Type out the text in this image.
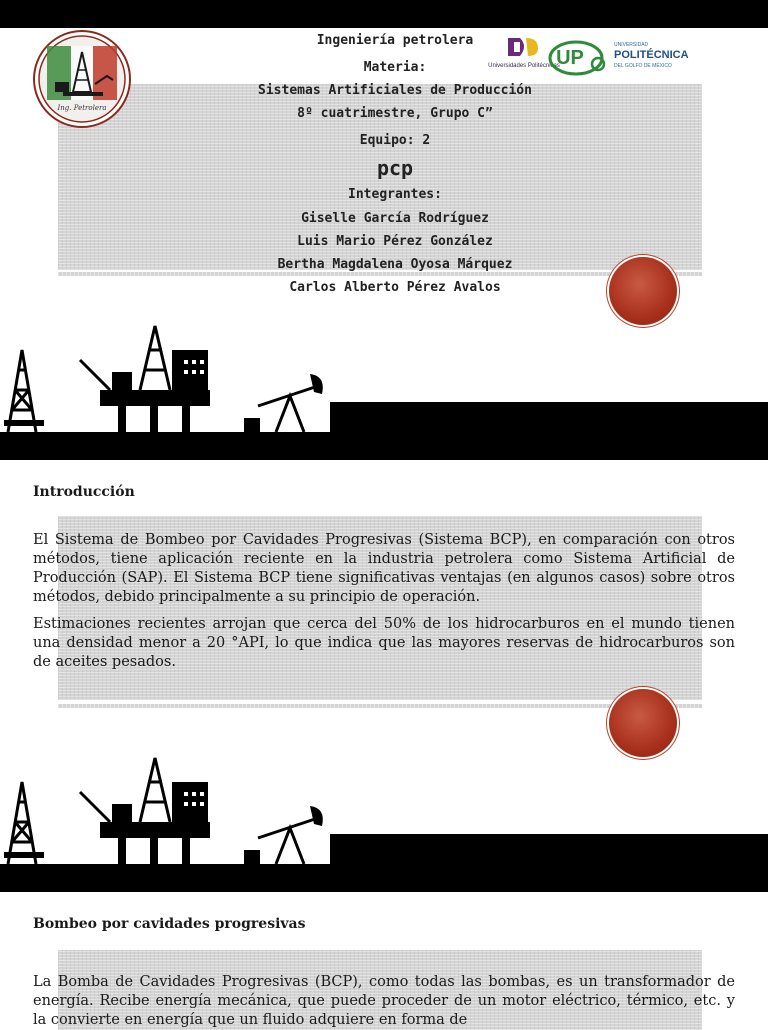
Ing. Petrolera
Universidades Politécnicas
UP
UNIVERSIDAD
POLITÉCNICA
DEL GOLFO DE MÉXICO
Ingeniería petrolera
Materia:
Sistemas Artificiales de Producción
8º cuatrimestre, Grupo C”
Equipo: 2
pcp
Integrantes:
Giselle García Rodríguez
Luis Mario Pérez González
Bertha Magdalena Oyosa Márquez
Carlos Alberto Pérez Avalos
Introducción
El Sistema de Bombeo por Cavidades Progresivas (Sistema BCP), en comparación con otros métodos, tiene aplicación reciente en la industria petrolera como Sistema Artificial de Producción (SAP). El Sistema BCP tiene significativas ventajas (en algunos casos) sobre otros métodos, debido principalmente a su principio de operación.
Estimaciones recientes arrojan que cerca del 50% de los hidrocarburos en el mundo tienen una densidad menor a 20 °API, lo que indica que las mayores reservas de hidrocarburos son de aceites pesados.
Bombeo por cavidades progresivas
La Bomba de Cavidades Progresivas (BCP), como todas las bombas, es un transformador de energía. Recibe energía mecánica, que puede proceder de un motor eléctrico, térmico, etc. y la convierte en energía que un fluido adquiere en forma de
